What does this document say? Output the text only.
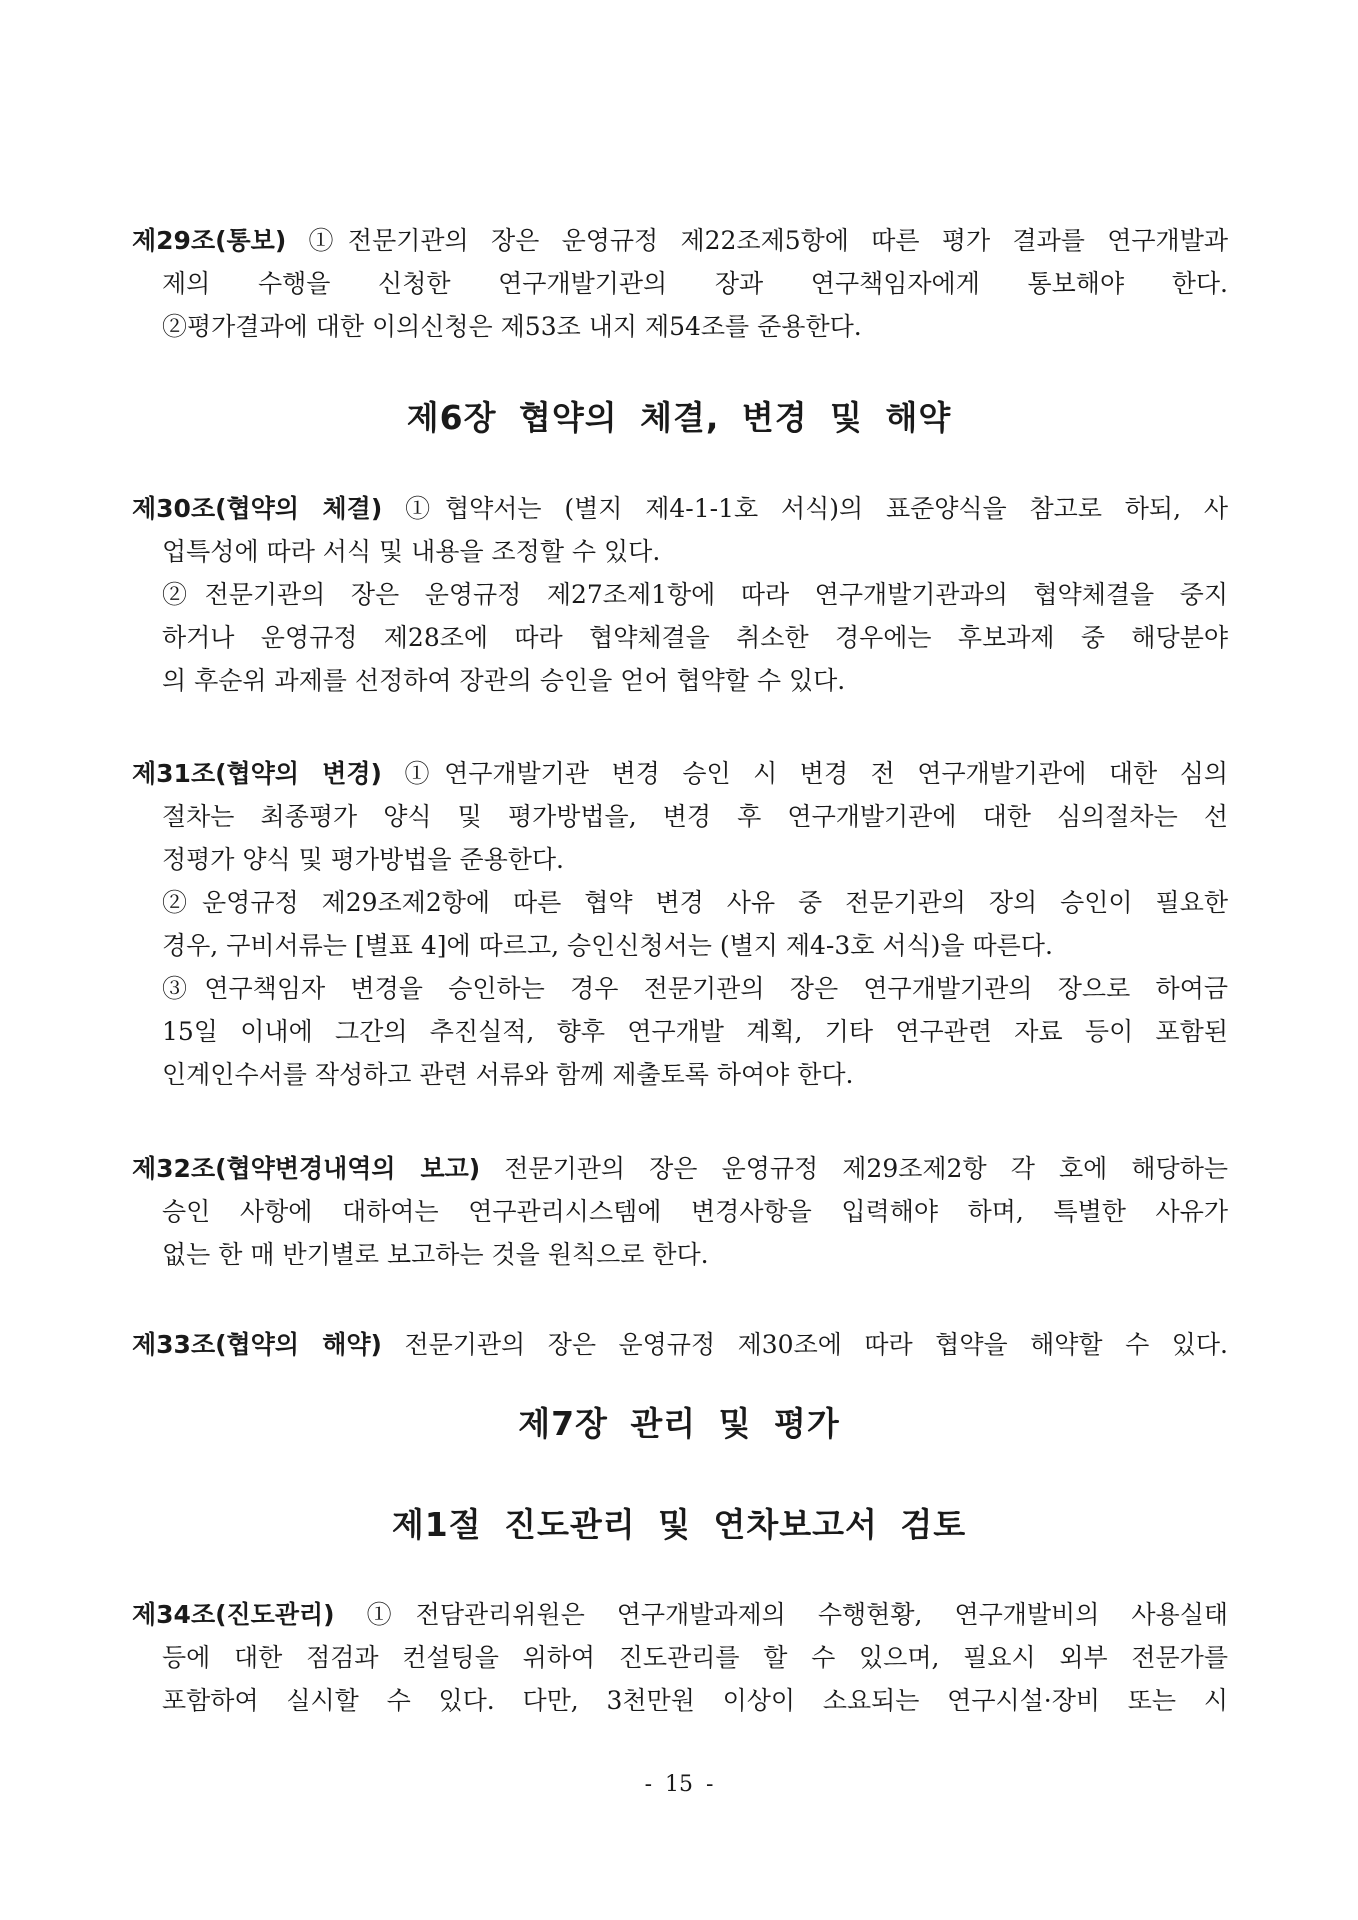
제29조(통보) ①전문기관의 장은 운영규정 제22조제5항에 따른 평가 결과를 연구개발과
제의 수행을 신청한 연구개발기관의 장과 연구책임자에게 통보해야 한다.
②평가결과에 대한 이의신청은 제53조 내지 제54조를 준용한다.
제6장 협약의 체결, 변경 및 해약
제30조(협약의 체결) ①협약서는 (별지 제4-1-1호 서식)의 표준양식을 참고로 하되, 사
업특성에 따라 서식 및 내용을 조정할 수 있다.
②전문기관의 장은 운영규정 제27조제1항에 따라 연구개발기관과의 협약체결을 중지
하거나 운영규정 제28조에 따라 협약체결을 취소한 경우에는 후보과제 중 해당분야
의 후순위 과제를 선정하여 장관의 승인을 얻어 협약할 수 있다.
제31조(협약의 변경) ①연구개발기관 변경 승인 시 변경 전 연구개발기관에 대한 심의
절차는 최종평가 양식 및 평가방법을, 변경 후 연구개발기관에 대한 심의절차는 선
정평가 양식 및 평가방법을 준용한다.
②운영규정 제29조제2항에 따른 협약 변경 사유 중 전문기관의 장의 승인이 필요한
경우, 구비서류는 [별표 4]에 따르고, 승인신청서는 (별지 제4-3호 서식)을 따른다.
③연구책임자 변경을 승인하는 경우 전문기관의 장은 연구개발기관의 장으로 하여금
15일 이내에 그간의 추진실적, 향후 연구개발 계획, 기타 연구관련 자료 등이 포함된
인계인수서를 작성하고 관련 서류와 함께 제출토록 하여야 한다.
제32조(협약변경내역의 보고) 전문기관의 장은 운영규정 제29조제2항 각 호에 해당하는
승인 사항에 대하여는 연구관리시스템에 변경사항을 입력해야 하며, 특별한 사유가
없는 한 매 반기별로 보고하는 것을 원칙으로 한다.
제33조(협약의 해약) 전문기관의 장은 운영규정 제30조에 따라 협약을 해약할 수 있다.
제7장 관리 및 평가
제1절 진도관리 및 연차보고서 검토
제34조(진도관리) ①전담관리위원은 연구개발과제의 수행현황, 연구개발비의 사용실태
등에 대한 점검과 컨설팅을 위하여 진도관리를 할 수 있으며, 필요시 외부 전문가를
포함하여 실시할 수 있다. 다만, 3천만원 이상이 소요되는 연구시설·장비 또는 시
- 15 -
